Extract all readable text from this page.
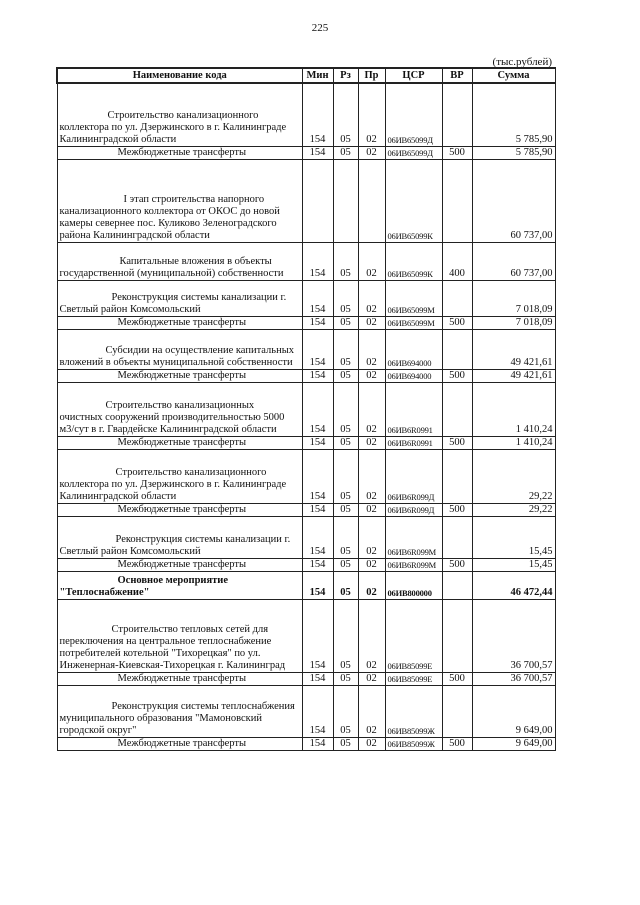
225
(тыс.рублей)
Наименование кода	Мин	Рз	Пр	ЦСР	ВР	Сумма

Строительство канализационного коллектора по ул. Дзержинского в г. Калининграде Калининградской области	154	05	02	06ИВ65099Д		5 785,90
Межбюджетные трансферты	154	05	02	06ИВ65099Д	500	5 785,90

I этап строительства напорного канализационного коллектора от ОКОС до новой камеры севернее пос. Куликово Зеленоградского района Калининградской области				06ИВ65099К		60 737,00

Капитальные вложения в объекты государственной (муниципальной) собственности	154	05	02	06ИВ65099К	400	60 737,00

Реконструкция системы канализации г. Светлый район Комсомольский	154	05	02	06ИВ65099М		7 018,09
Межбюджетные трансферты	154	05	02	06ИВ65099М	500	7 018,09

Субсидии на осуществление капитальных вложений в объекты муниципальной собственности	154	05	02	06ИВ694000		49 421,61
Межбюджетные трансферты	154	05	02	06ИВ694000	500	49 421,61

Строительство канализационных очистных сооружений производительностью 5000 м3/сут в г. Гвардейске Калининградской области	154	05	02	06ИВ6R0991		1 410,24
Межбюджетные трансферты	154	05	02	06ИВ6R0991	500	1 410,24

Строительство канализационного коллектора по ул. Дзержинского в г. Калининграде Калининградской области	154	05	02	06ИВ6R099Д		29,22
Межбюджетные трансферты	154	05	02	06ИВ6R099Д	500	29,22

Реконструкция системы канализации г. Светлый район Комсомольский	154	05	02	06ИВ6R099М		15,45
Межбюджетные трансферты	154	05	02	06ИВ6R099М	500	15,45

Основное мероприятие "Теплоснабжение"	154	05	02	06ИВ800000		46 472,44

Строительство тепловых сетей для переключения на центральное теплоснабжение потребителей котельной "Тихорецкая" по ул. Инженерная-Киевская-Тихорецкая г. Калининград	154	05	02	06ИВ85099Е		36 700,57
Межбюджетные трансферты	154	05	02	06ИВ85099Е	500	36 700,57

Реконструкция системы теплоснабжения муниципального образования "Мамоновский городской округ"	154	05	02	06ИВ85099Ж		9 649,00
Межбюджетные трансферты	154	05	02	06ИВ85099Ж	500	9 649,00
